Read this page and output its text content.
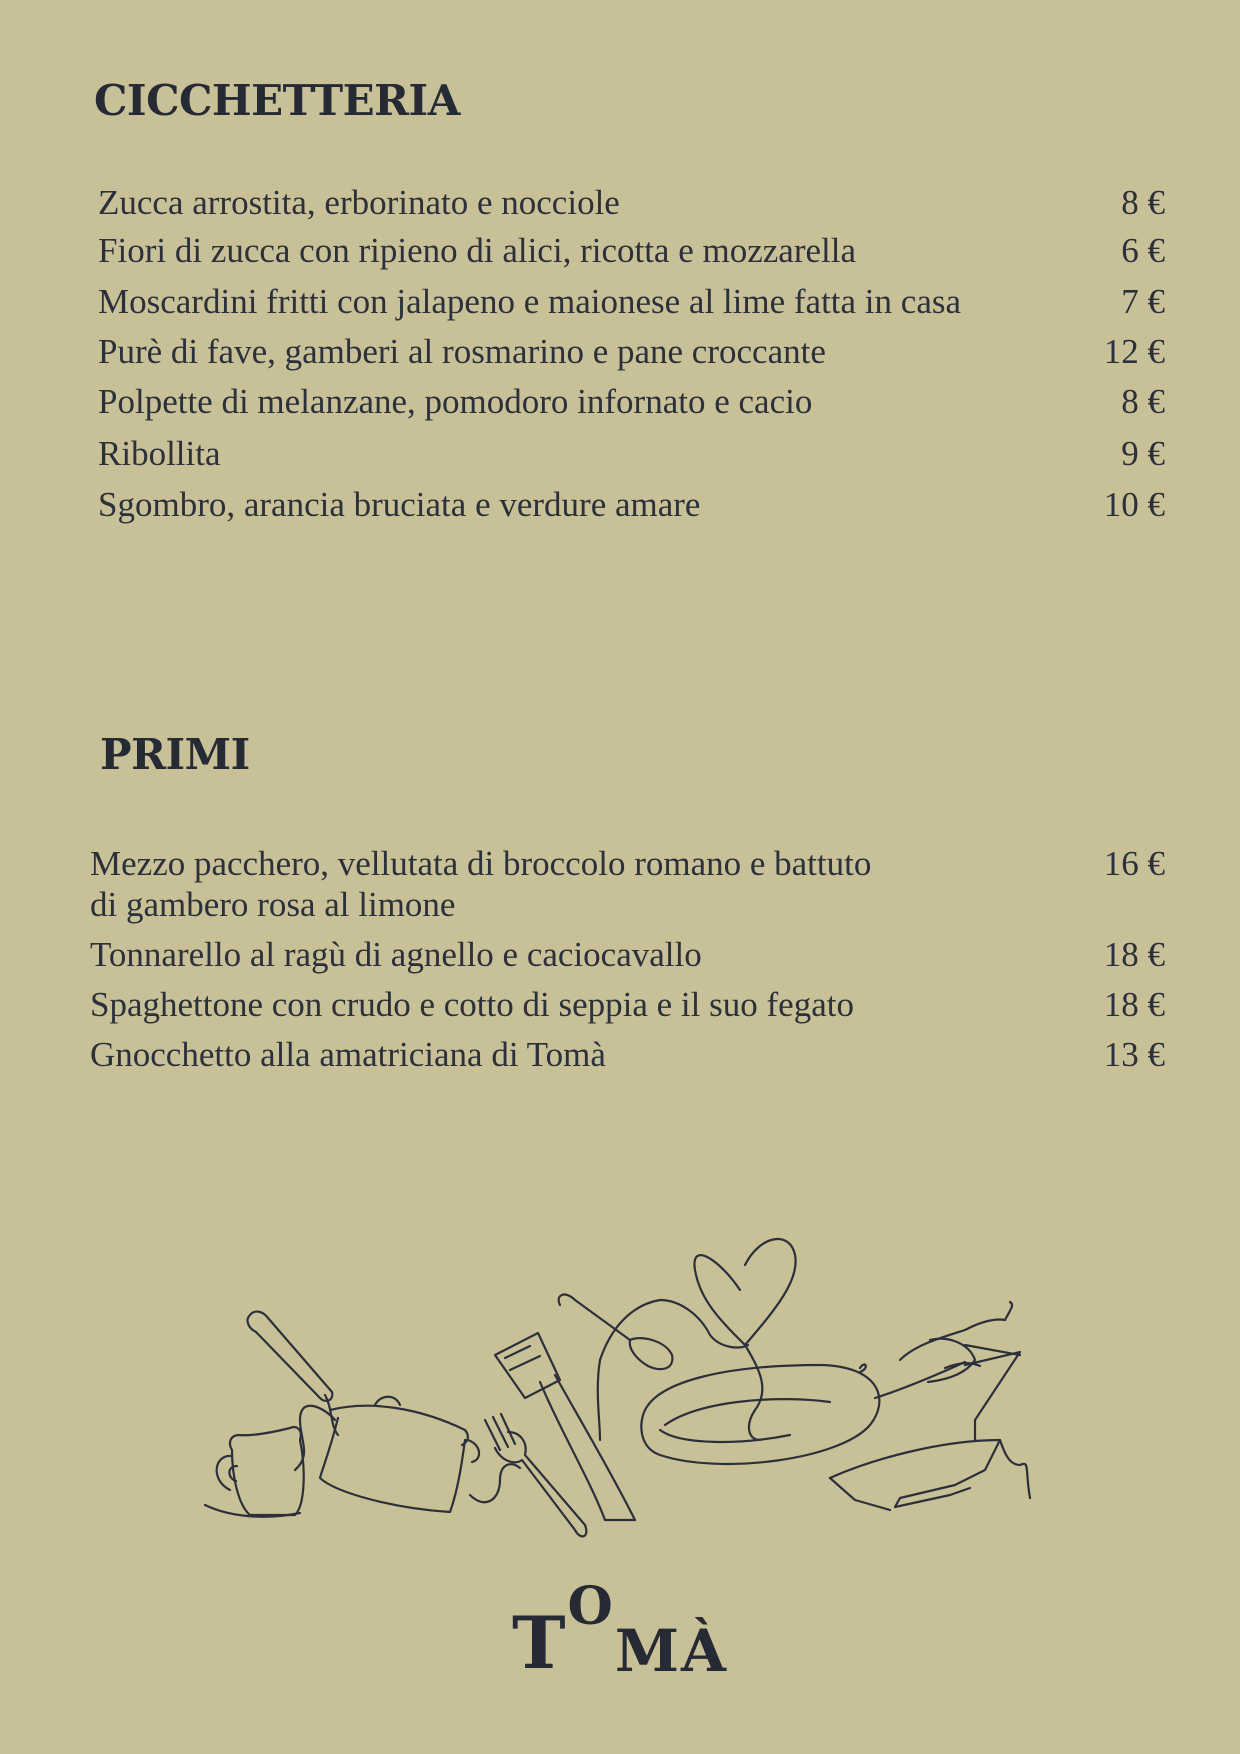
CICCHETTERIA
Zucca arrostita, erborinato e nocciole	8 €
Fiori di zucca con ripieno di alici, ricotta e mozzarella	6 €
Moscardini fritti con jalapeno e maionese al lime fatta in casa	7 €
Purè di fave, gamberi al rosmarino e pane croccante	12 €
Polpette di melanzane, pomodoro infornato e cacio	8 €
Ribollita	9 €
Sgombro, arancia bruciata e verdure amare	10 €
PRIMI
Mezzo pacchero, vellutata di broccolo romano e battuto	16 €
di gambero rosa al limone
Tonnarello al ragù di agnello e caciocavallo	18 €
Spaghettone con crudo e cotto di seppia e il suo fegato	18 €
Gnocchetto alla amatriciana di Tomà	13 €
TOMÀ
